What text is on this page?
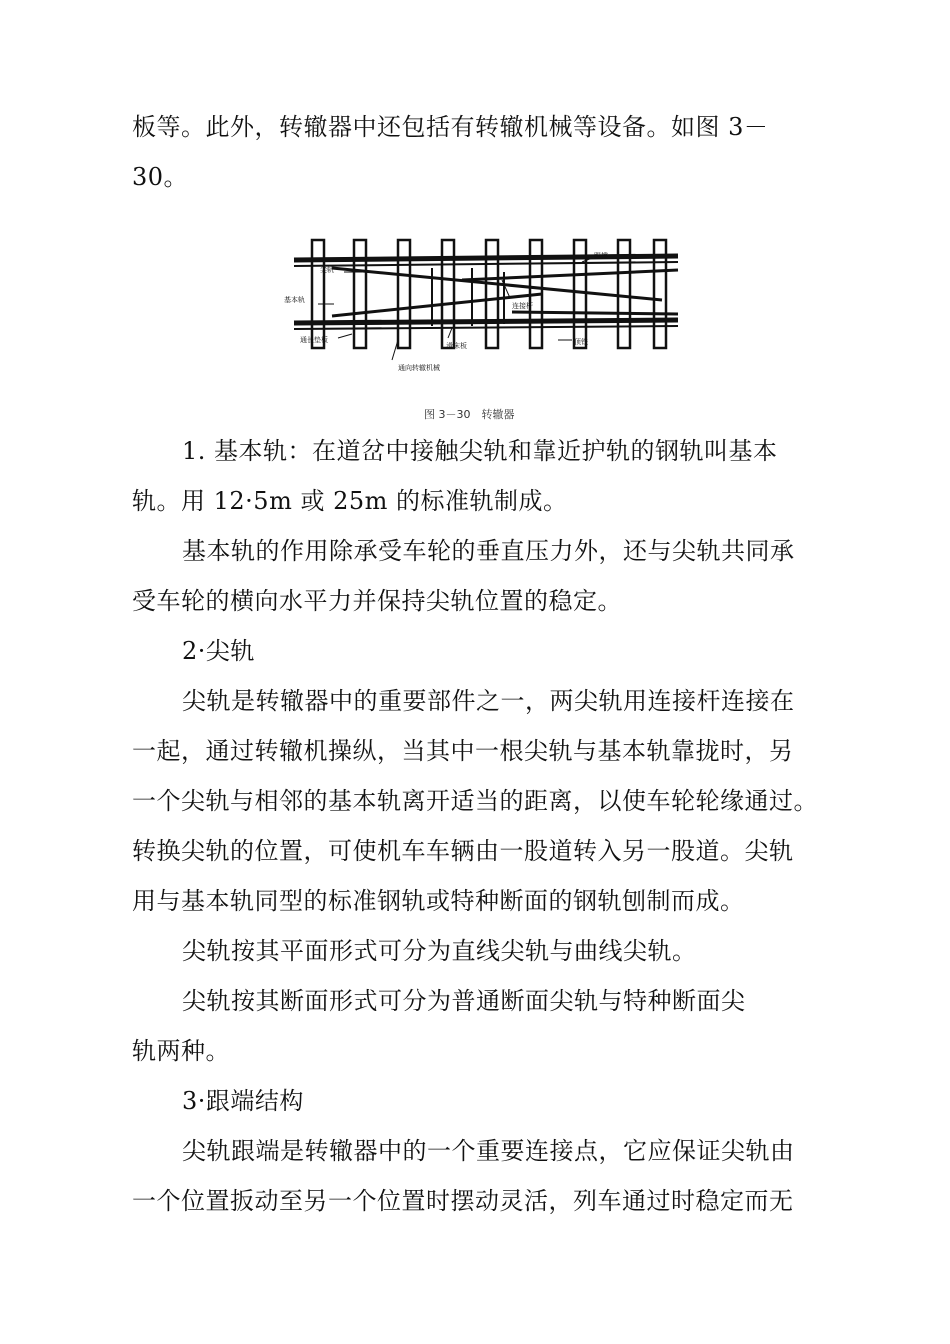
板等。此外，转辙器中还包括有转辙机械等设备。如图 3－
30。
尖轨
基本轨
通长垫板
跟撑
连接杆
滑床板	顶铁
通向转辙机械
图 3－30　转辙器
1. 基本轨：在道岔中接触尖轨和靠近护轨的钢轨叫基本
轨。用 12·5m 或 25m 的标准轨制成。
基本轨的作用除承受车轮的垂直压力外，还与尖轨共同承
受车轮的横向水平力并保持尖轨位置的稳定。
2·尖轨
尖轨是转辙器中的重要部件之一，两尖轨用连接杆连接在
一起，通过转辙机操纵，当其中一根尖轨与基本轨靠拢时，另
一个尖轨与相邻的基本轨离开适当的距离，以使车轮轮缘通过。
转换尖轨的位置，可使机车车辆由一股道转入另一股道。尖轨
用与基本轨同型的标准钢轨或特种断面的钢轨刨制而成。
尖轨按其平面形式可分为直线尖轨与曲线尖轨。
尖轨按其断面形式可分为普通断面尖轨与特种断面尖
轨两种。
3·跟端结构
尖轨跟端是转辙器中的一个重要连接点，它应保证尖轨由
一个位置扳动至另一个位置时摆动灵活，列车通过时稳定而无
